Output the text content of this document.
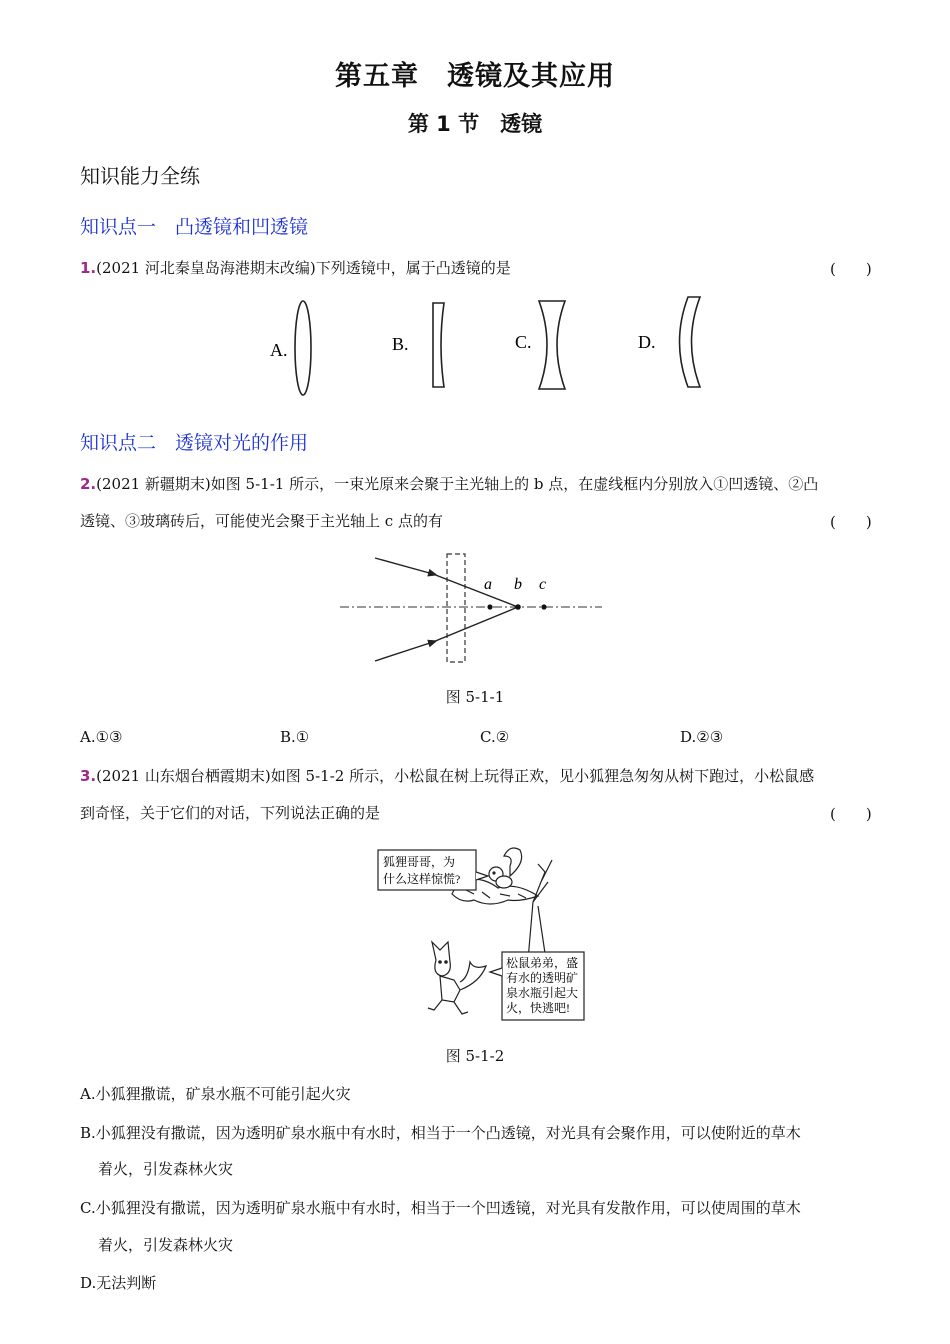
第五章　透镜及其应用
第 1 节　透镜
知识能力全练
知识点一　凸透镜和凹透镜
1.(2021 河北秦皇岛海港期末改编)下列透镜中，属于凸透镜的是	(　　)
A.	B.	C.	D.
知识点二　透镜对光的作用
2.(2021 新疆期末)如图 5-1-1 所示，一束光原来会聚于主光轴上的 b 点，在虚线框内分别放入①凹透镜、②凸
透镜、③玻璃砖后，可能使光会聚于主光轴上 c 点的有	(　　)
a b c
图 5-1-1
A.①③	B.①	C.②	D.②③
3.(2021 山东烟台栖霞期末)如图 5-1-2 所示，小松鼠在树上玩得正欢，见小狐狸急匆匆从树下跑过，小松鼠感
到奇怪，关于它们的对话，下列说法正确的是	(　　)
狐狸哥哥，为
什么这样惊慌?
松鼠弟弟，盛
有水的透明矿
泉水瓶引起大
火，快逃吧!
图 5-1-2
A.小狐狸撒谎，矿泉水瓶不可能引起火灾
B.小狐狸没有撒谎，因为透明矿泉水瓶中有水时，相当于一个凸透镜，对光具有会聚作用，可以使附近的草木
着火，引发森林火灾
C.小狐狸没有撒谎，因为透明矿泉水瓶中有水时，相当于一个凹透镜，对光具有发散作用，可以使周围的草木
着火，引发森林火灾
D.无法判断
